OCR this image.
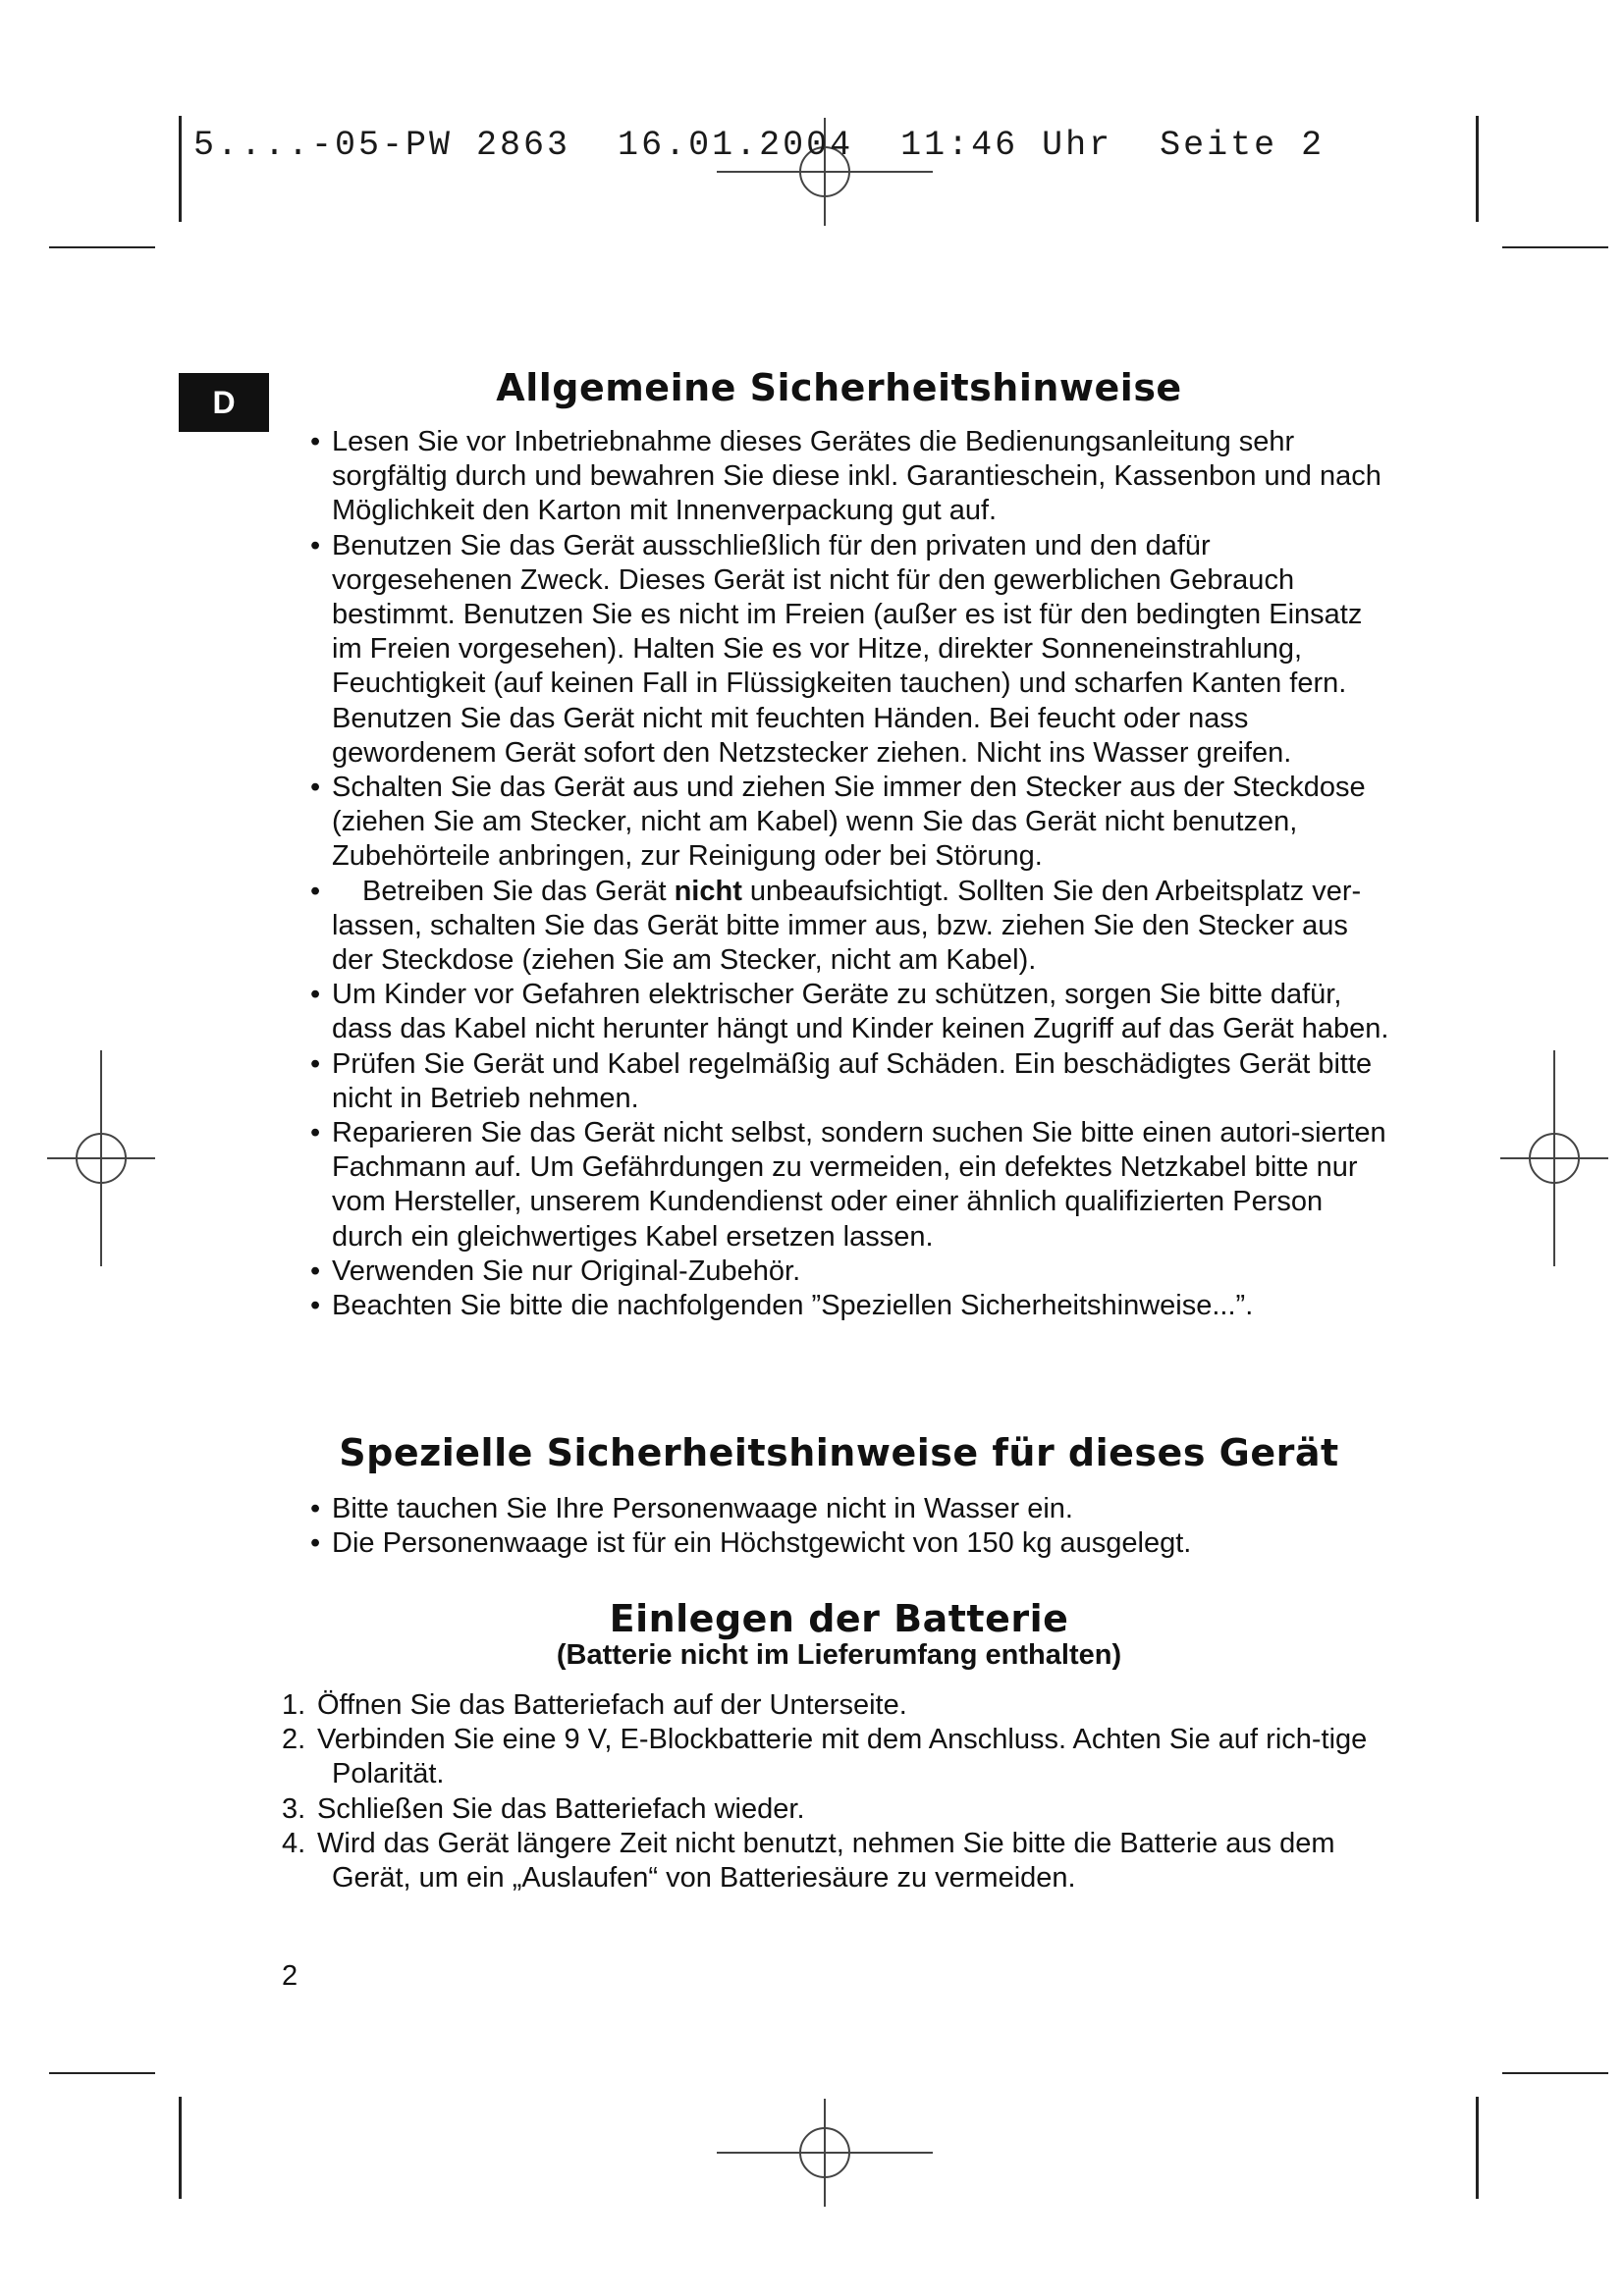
5....-05-PW 2863  16.01.2004  11:46 Uhr  Seite 2
D	Allgemeine Sicherheitshinweise
• Lesen Sie vor Inbetriebnahme dieses Gerätes die Bedienungsanleitung sehr sorgfältig durch und bewahren Sie diese inkl. Garantieschein, Kassenbon und nach Möglichkeit den Karton mit Innenverpackung gut auf.
• Benutzen Sie das Gerät ausschließlich für den privaten und den dafür vorgesehenen Zweck. Dieses Gerät ist nicht für den gewerblichen Gebrauch bestimmt. Benutzen Sie es nicht im Freien (außer es ist für den bedingten Einsatz im Freien vorgesehen). Halten Sie es vor Hitze, direkter Sonneneinstrahlung, Feuchtigkeit (auf keinen Fall in Flüssigkeiten tauchen) und scharfen Kanten fern. Benutzen Sie das Gerät nicht mit feuchten Händen. Bei feucht oder nass gewordenem Gerät sofort den Netzstecker ziehen. Nicht ins Wasser greifen.
• Schalten Sie das Gerät aus und ziehen Sie immer den Stecker aus der Steckdose (ziehen Sie am Stecker, nicht am Kabel) wenn Sie das Gerät nicht benutzen, Zubehörteile anbringen, zur Reinigung oder bei Störung.
• Betreiben Sie das Gerät nicht unbeaufsichtigt. Sollten Sie den Arbeitsplatz ver-lassen, schalten Sie das Gerät bitte immer aus, bzw. ziehen Sie den Stecker aus der Steckdose (ziehen Sie am Stecker, nicht am Kabel).
• Um Kinder vor Gefahren elektrischer Geräte zu schützen, sorgen Sie bitte dafür, dass das Kabel nicht herunter hängt und Kinder keinen Zugriff auf das Gerät haben.
• Prüfen Sie Gerät und Kabel regelmäßig auf Schäden. Ein beschädigtes Gerät bitte nicht in Betrieb nehmen.
• Reparieren Sie das Gerät nicht selbst, sondern suchen Sie bitte einen autori-sierten Fachmann auf. Um Gefährdungen zu vermeiden, ein defektes Netzkabel bitte nur vom Hersteller, unserem Kundendienst oder einer ähnlich qualifizierten Person durch ein gleichwertiges Kabel ersetzen lassen.
• Verwenden Sie nur Original-Zubehör.
• Beachten Sie bitte die nachfolgenden ”Speziellen Sicherheitshinweise...”.
Spezielle Sicherheitshinweise für dieses Gerät
• Bitte tauchen Sie Ihre Personenwaage nicht in Wasser ein.
• Die Personenwaage ist für ein Höchstgewicht von 150 kg ausgelegt.
Einlegen der Batterie
(Batterie nicht im Lieferumfang enthalten)
1. Öffnen Sie das Batteriefach auf der Unterseite.
2. Verbinden Sie eine 9 V, E-Blockbatterie mit dem Anschluss. Achten Sie auf rich-tige Polarität.
3. Schließen Sie das Batteriefach wieder.
4. Wird das Gerät längere Zeit nicht benutzt, nehmen Sie bitte die Batterie aus dem Gerät, um ein „Auslaufen“ von Batteriesäure zu vermeiden.
2
